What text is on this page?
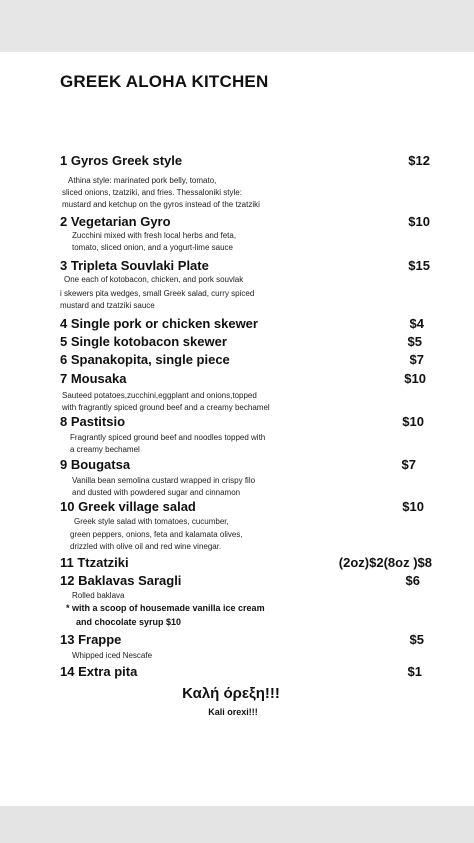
GREEK ALOHA KITCHEN
1 Gyros Greek style	$12
Athina style: marinated pork belly, tomato,
sliced onions, tzatziki, and fries. Thessaloniki style:
mustard and ketchup on the gyros instead of the tzatziki
2 Vegetarian Gyro	$10
Zucchini mixed with fresh local herbs and feta,
tomato, sliced onion, and a yogurt-lime sauce
3 Tripleta Souvlaki Plate	$15
One each of kotobacon, chicken, and pork souvlak
i skewers pita wedges, small Greek salad, curry spiced
mustard and tzatziki sauce
4 Single pork or chicken skewer	$4
5 Single kotobacon skewer	$5
6 Spanakopita, single piece	$7
7 Mousaka	$10
Sauteed potatoes,zucchini,eggplant and onions,topped
with fragrantly spiced ground beef and a creamy bechamel
8 Pastitsio	$10
Fragrantly spiced ground beef and noodles topped with
a creamy bechamel
9 Bougatsa	$7
Vanilla bean semolina custard wrapped in crispy filo
and dusted with powdered sugar and cinnamon
10 Greek village salad	$10
Greek style salad with tomatoes, cucumber,
green peppers, onions, feta and kalamata olives,
drizzled with olive oil and red wine vinegar.
11 Ttzatziki	(2oz)$2(8oz )$8
12 Baklavas Saragli	$6
Rolled baklava
* with a scoop of housemade vanilla ice cream
and chocolate syrup $10
13 Frappe	$5
Whipped iced Nescafe
14 Extra pita	$1
Καλή όρεξη!!!
Kali orexi!!!
